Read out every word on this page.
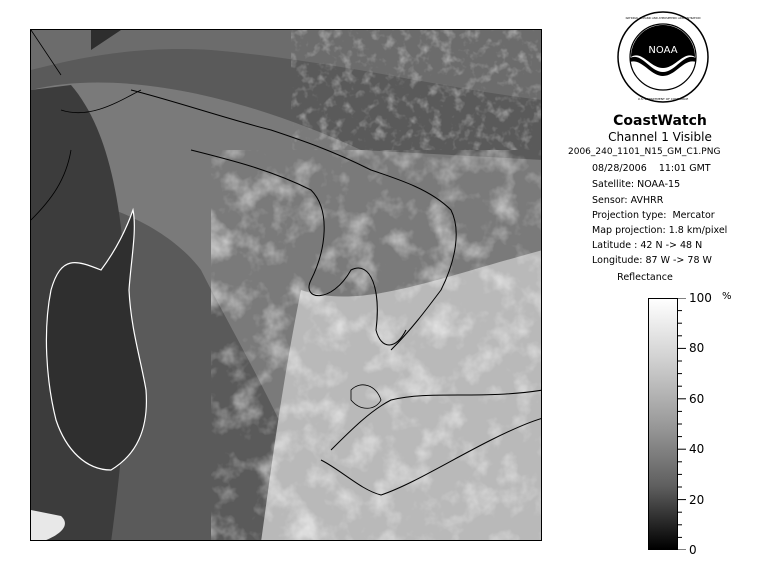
NOAA
NATIONAL OCEANIC AND ATMOSPHERIC ADMINISTRATION
U.S. DEPARTMENT OF COMMERCE
CoastWatch
Channel 1 Visible
2006_240_1101_N15_GM_C1.PNG
08/28/2006    11:01 GMT
Satellite: NOAA-15
Sensor: AVHRR
Projection type:  Mercator
Map projection: 1.8 km/pixel
Latitude : 42 N -> 48 N
Longitude: 87 W -> 78 W
Reflectance
%
100
80
60
40
20
0
